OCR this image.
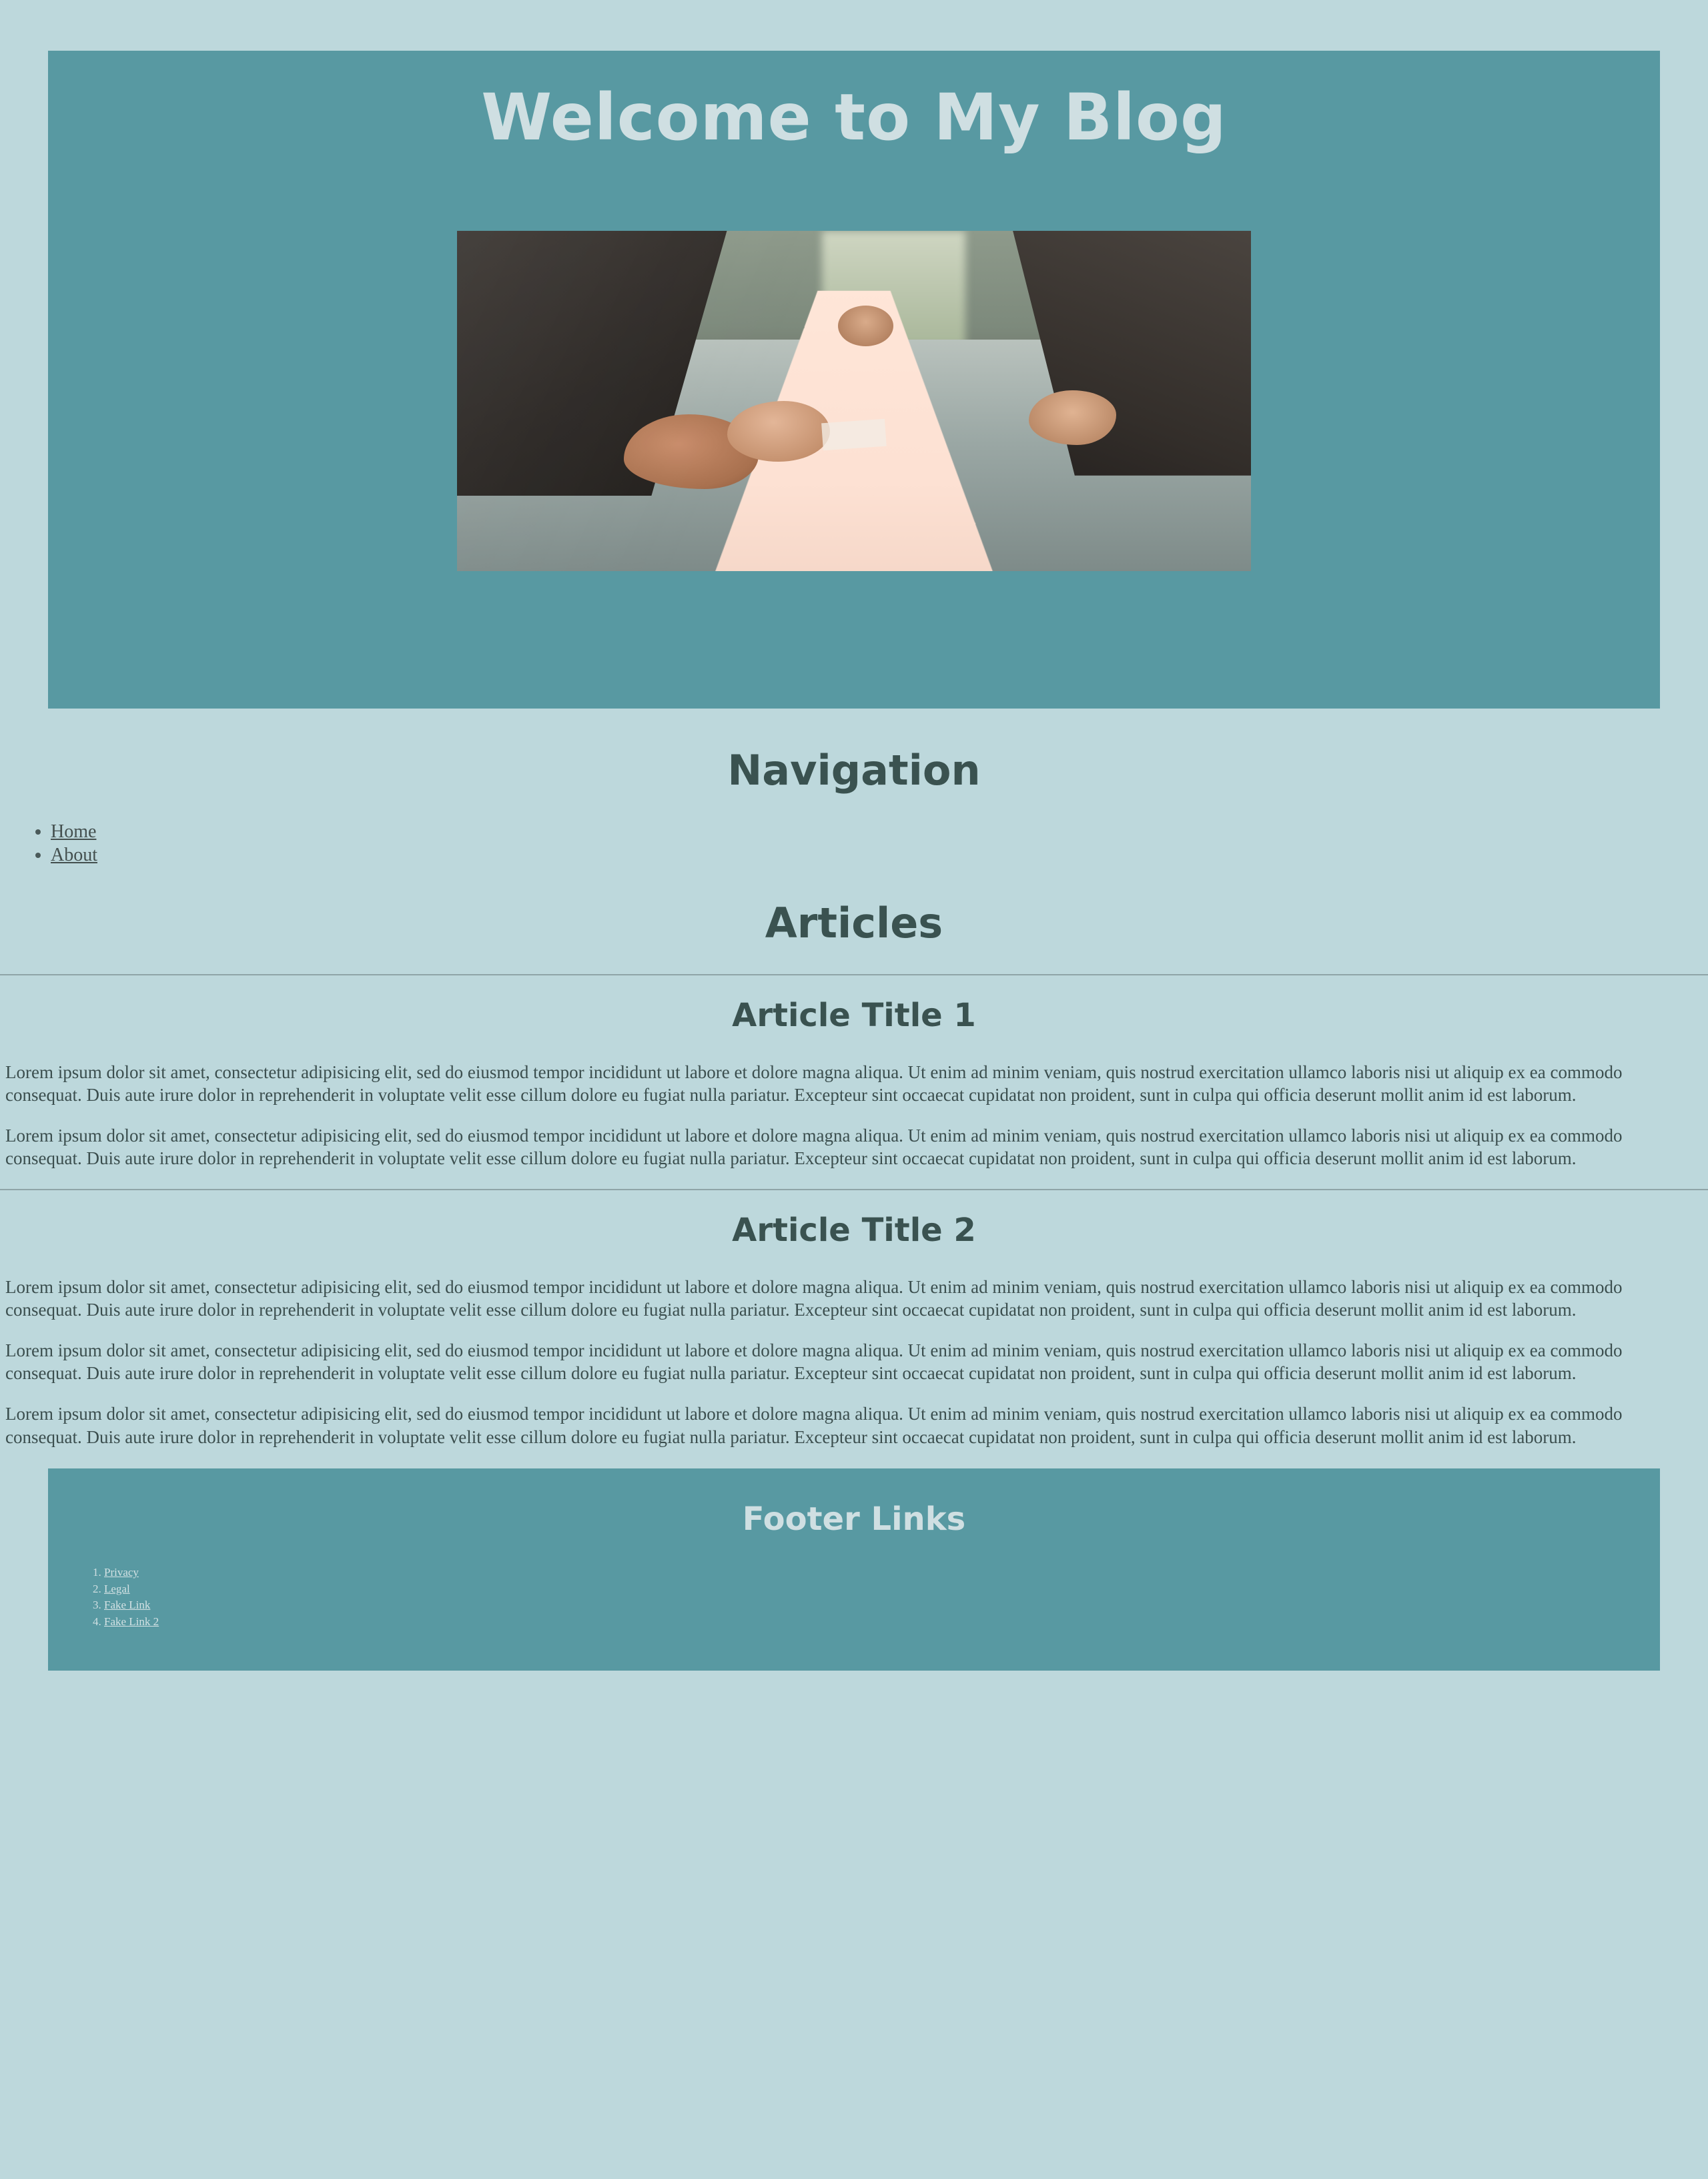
Welcome to My Blog
Navigation
• Home
• About
Articles
Article Title 1

Lorem ipsum dolor sit amet, consectetur adipisicing elit, sed do eiusmod tempor incididunt ut labore et dolore magna aliqua. Ut enim ad minim veniam, quis nostrud exercitation ullamco laboris nisi ut aliquip ex ea commodo consequat. Duis aute irure dolor in reprehenderit in voluptate velit esse cillum dolore eu fugiat nulla pariatur. Excepteur sint occaecat cupidatat non proident, sunt in culpa qui officia deserunt mollit anim id est laborum.

Lorem ipsum dolor sit amet, consectetur adipisicing elit, sed do eiusmod tempor incididunt ut labore et dolore magna aliqua. Ut enim ad minim veniam, quis nostrud exercitation ullamco laboris nisi ut aliquip ex ea commodo consequat. Duis aute irure dolor in reprehenderit in voluptate velit esse cillum dolore eu fugiat nulla pariatur. Excepteur sint occaecat cupidatat non proident, sunt in culpa qui officia deserunt mollit anim id est laborum.

Article Title 2

Lorem ipsum dolor sit amet, consectetur adipisicing elit, sed do eiusmod tempor incididunt ut labore et dolore magna aliqua. Ut enim ad minim veniam, quis nostrud exercitation ullamco laboris nisi ut aliquip ex ea commodo consequat. Duis aute irure dolor in reprehenderit in voluptate velit esse cillum dolore eu fugiat nulla pariatur. Excepteur sint occaecat cupidatat non proident, sunt in culpa qui officia deserunt mollit anim id est laborum.

Lorem ipsum dolor sit amet, consectetur adipisicing elit, sed do eiusmod tempor incididunt ut labore et dolore magna aliqua. Ut enim ad minim veniam, quis nostrud exercitation ullamco laboris nisi ut aliquip ex ea commodo consequat. Duis aute irure dolor in reprehenderit in voluptate velit esse cillum dolore eu fugiat nulla pariatur. Excepteur sint occaecat cupidatat non proident, sunt in culpa qui officia deserunt mollit anim id est laborum.

Lorem ipsum dolor sit amet, consectetur adipisicing elit, sed do eiusmod tempor incididunt ut labore et dolore magna aliqua. Ut enim ad minim veniam, quis nostrud exercitation ullamco laboris nisi ut aliquip ex ea commodo consequat. Duis aute irure dolor in reprehenderit in voluptate velit esse cillum dolore eu fugiat nulla pariatur. Excepteur sint occaecat cupidatat non proident, sunt in culpa qui officia deserunt mollit anim id est laborum.

Footer Links
1. Privacy
2. Legal
3. Fake Link
4. Fake Link 2
